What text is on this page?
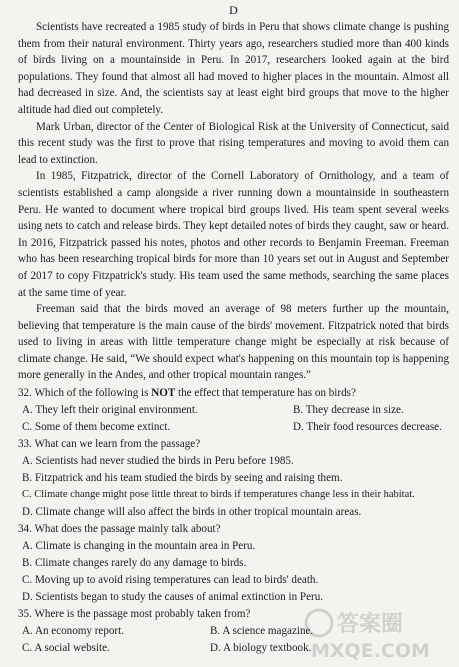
D

Scientists have recreated a 1985 study of birds in Peru that shows climate change is pushing them from their natural environment. Thirty years ago, researchers studied more than 400 kinds of birds living on a mountainside in Peru. In 2017, researchers looked again at the bird populations. They found that almost all had moved to higher places in the mountain. Almost all had decreased in size. And, the scientists say at least eight bird groups that move to the higher altitude had died out completely.

Mark Urban, director of the Center of Biological Risk at the University of Connecticut, said this recent study was the first to prove that rising temperatures and moving to avoid them can lead to extinction.

In 1985, Fitzpatrick, director of the Cornell Laboratory of Ornithology, and a team of scientists established a camp alongside a river running down a mountainside in southeastern Peru. He wanted to document where tropical bird groups lived. His team spent several weeks using nets to catch and release birds. They kept detailed notes of birds they caught, saw or heard. In 2016, Fitzpatrick passed his notes, photos and other records to Benjamin Freeman. Freeman who has been researching tropical birds for more than 10 years set out in August and September of 2017 to copy Fitzpatrick's study. His team used the same methods, searching the same places at the same time of year.

Freeman said that the birds moved an average of 98 meters further up the mountain, believing that temperature is the main cause of the birds' movement. Fitzpatrick noted that birds used to living in areas with little temperature change might be especially at risk because of climate change. He said, “We should expect what's happening on this mountain top is happening more generally in the Andes, and other tropical mountain ranges.”

32. Which of the following is NOT the effect that temperature has on birds?

A. They left their original environment.	B. They decrease in size.
C. Some of them become extinct.	D. Their food resources decrease.

33. What can we learn from the passage?

A. Scientists had never studied the birds in Peru before 1985.

B. Fitzpatrick and his team studied the birds by seeing and raising them.

C. Climate change might pose little threat to birds if temperatures change less in their habitat.

D. Climate change will also affect the birds in other tropical mountain areas.

34. What does the passage mainly talk about?

A. Climate is changing in the mountain area in Peru.

B. Climate changes rarely do any damage to birds.

C. Moving up to avoid rising temperatures can lead to birds' death.

D. Scientists began to study the causes of animal extinction in Peru.

35. Where is the passage most probably taken from?

A. An economy report.	B. A science magazine.
C. A social website.	D. A biology textbook.
答案圈
MXQE.COM
